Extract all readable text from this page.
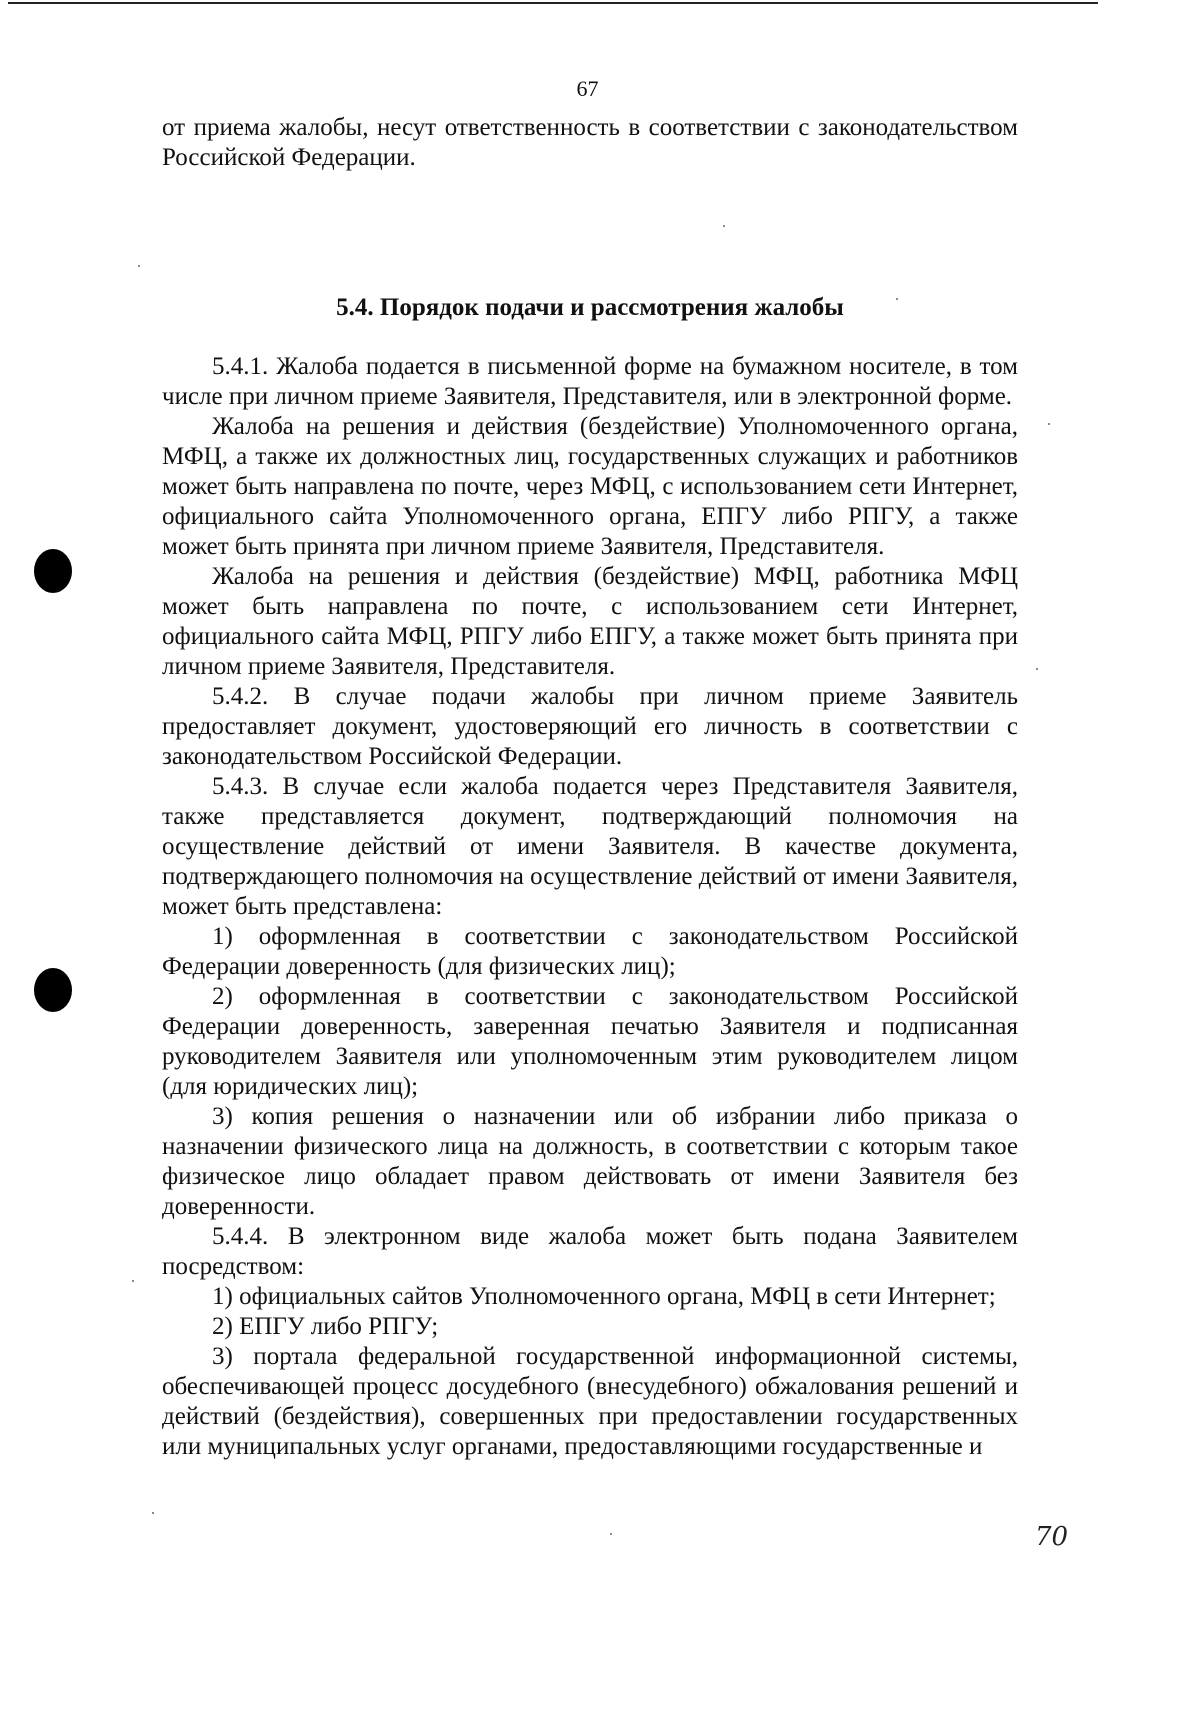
67

от приема жалобы, несут ответственность в соответствии с законодательством Российской Федерации.

5.4. Порядок подачи и рассмотрения жалобы

5.4.1. Жалоба подается в письменной форме на бумажном носителе, в том числе при личном приеме Заявителя, Представителя, или в электронной форме.

Жалоба на решения и действия (бездействие) Уполномоченного органа, МФЦ, а также их должностных лиц, государственных служащих и работников может быть направлена по почте, через МФЦ, с использованием сети Интернет, официального сайта Уполномоченного органа, ЕПГУ либо РПГУ, а также может быть принята при личном приеме Заявителя, Представителя.

Жалоба на решения и действия (бездействие) МФЦ, работника МФЦ может быть направлена по почте, с использованием сети Интернет, официального сайта МФЦ, РПГУ либо ЕПГУ, а также может быть принята при личном приеме Заявителя, Представителя.

5.4.2. В случае подачи жалобы при личном приеме Заявитель предоставляет документ, удостоверяющий его личность в соответствии с законодательством Российской Федерации.

5.4.3. В случае если жалоба подается через Представителя Заявителя, также представляется документ, подтверждающий полномочия на осуществление действий от имени Заявителя. В качестве документа, подтверждающего полномочия на осуществление действий от имени Заявителя, может быть представлена:

1) оформленная в соответствии с законодательством Российской Федерации доверенность (для физических лиц);

2) оформленная в соответствии с законодательством Российской Федерации доверенность, заверенная печатью Заявителя и подписанная руководителем Заявителя или уполномоченным этим руководителем лицом (для юридических лиц);

3) копия решения о назначении или об избрании либо приказа о назначении физического лица на должность, в соответствии с которым такое физическое лицо обладает правом действовать от имени Заявителя без доверенности.

5.4.4. В электронном виде жалоба может быть подана Заявителем посредством:

1) официальных сайтов Уполномоченного органа, МФЦ в сети Интернет;

2) ЕПГУ либо РПГУ;

3) портала федеральной государственной информационной системы, обеспечивающей процесс досудебного (внесудебного) обжалования решений и действий (бездействия), совершенных при предоставлении государственных или муниципальных услуг органами, предоставляющими государственные и

70
